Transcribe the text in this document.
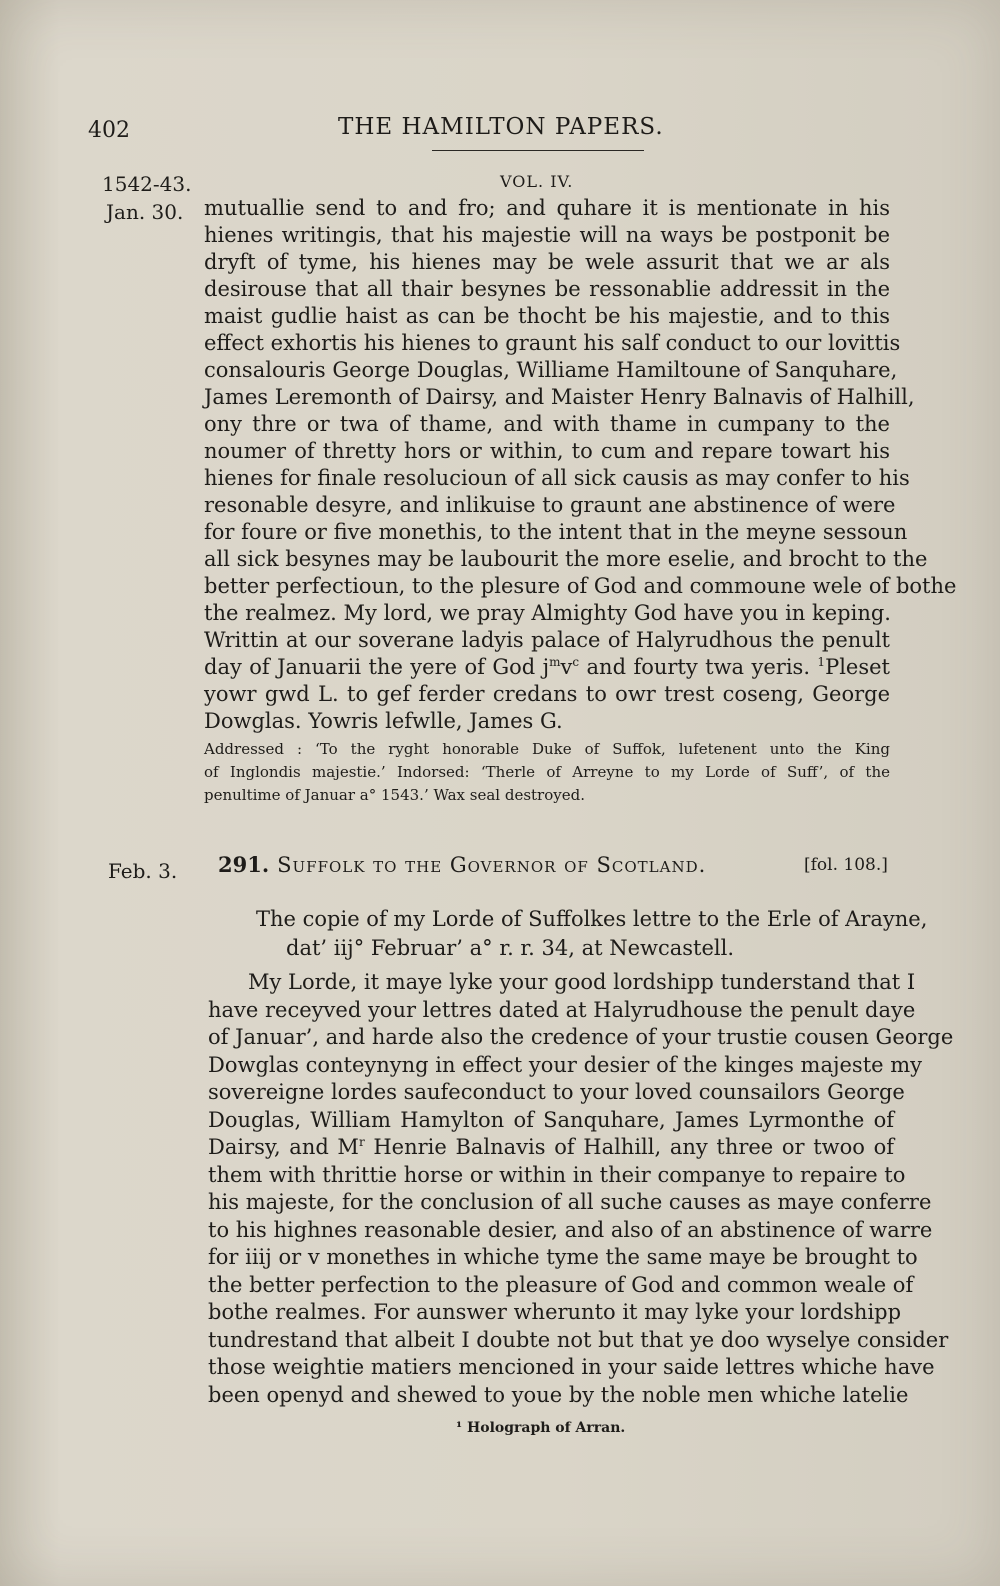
402	THE HAMILTON PAPERS.
1542-43.	VOL. IV.
Jan. 30. mutuallie send to and fro; and quhare it is mentionate in his
hienes writingis, that his majestie will na ways be postponit be
dryft of tyme, his hienes may be wele assurit that we ar als
desirouse that all thair besynes be ressonablie addressit in the
maist gudlie haist as can be thocht be his majestie, and to this
effect exhortis his hienes to graunt his salf conduct to our lovittis
consalouris George Douglas, Williame Hamiltoune of Sanquhare,
James Leremonth of Dairsy, and Maister Henry Balnavis of Halhill,
ony thre or twa of thame, and with thame in cumpany to the
noumer of thretty hors or within, to cum and repare towart his
hienes for finale resolucioun of all sick causis as may confer to his
resonable desyre, and inlikuise to graunt ane abstinence of were
for foure or five monethis, to the intent that in the meyne sessoun
all sick besynes may be laubourit the more eselie, and brocht to the
better perfectioun, to the plesure of God and commoune wele of bothe
the realmez. My lord, we pray Almighty God have you in keping.
Writtin at our soverane ladyis palace of Halyrudhous the penult
day of Januarii the yere of God $j^mv^c$ and fourty twa yeris. $^1$Pleset
yowr gwd L. to gef ferder credans to owr trest coseng, George
Dowglas. Yowris lefwlle, James G.
Addressed : ‘To the ryght honorable Duke of Suffok, lufetenent unto the King
of Inglondis majestie.’ Indorsed: ‘Therle of Arreyne to my Lorde of Suff’, of the
penultime of Januar a° 1543.’ Wax seal destroyed.
Feb. 3. 291. Suffolk to the Governor of Scotland.	[fol. 108.]
The copie of my Lorde of Suffolkes lettre to the Erle of Arayne,
dat’ iij° Februar’ a° r. r. 34, at Newcastell.
My Lorde, it maye lyke your good lordshipp tunderstand that I
have receyved your lettres dated at Halyrudhouse the penult daye
of Januar’, and harde also the credence of your trustie cousen George
Dowglas conteynyng in effect your desier of the kinges majeste my
sovereigne lordes saufeconduct to your loved counsailors George
Douglas, William Hamylton of Sanquhare, James Lyrmonthe of
Dairsy, and $M^r$ Henrie Balnavis of Halhill, any three or twoo of
them with thrittie horse or within in their companye to repaire to
his majeste, for the conclusion of all suche causes as maye conferre
to his highnes reasonable desier, and also of an abstinence of warre
for iiij or v monethes in whiche tyme the same maye be brought to
the better perfection to the pleasure of God and common weale of
bothe realmes. For aunswer wherunto it may lyke your lordshipp
tundrestand that albeit I doubte not but that ye doo wyselye consider
those weightie matiers mencioned in your saide lettres whiche have
been openyd and shewed to youe by the noble men whiche latelie
¹ Holograph of Arran.
